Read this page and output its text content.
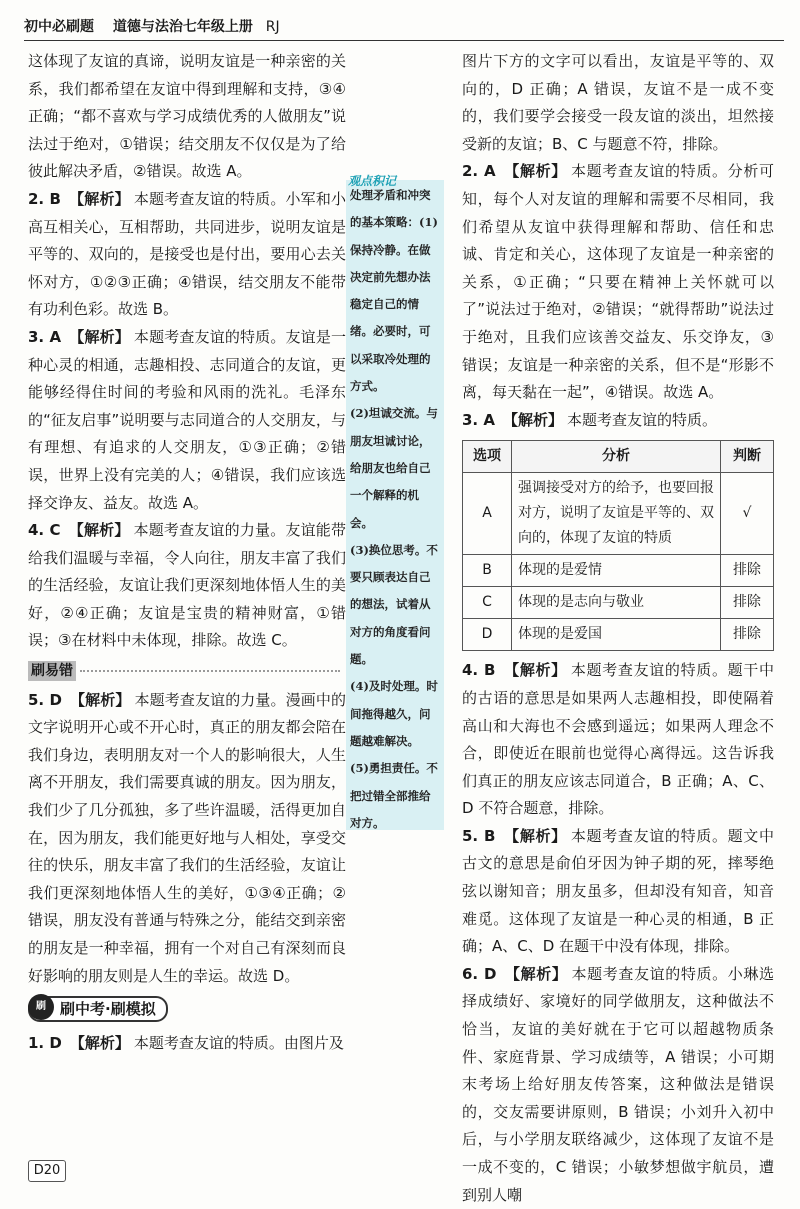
初中必刷题 道德与法治七年级上册 RJ

这体现了友谊的真谛，说明友谊是一种亲密的关系，我们都希望在友谊中得到理解和支持，③④正确；“都不喜欢与学习成绩优秀的人做朋友”说法过于绝对，①错误；结交朋友不仅仅是为了给彼此解决矛盾，②错误。故选 A。

2. B 【解析】 本题考查友谊的特质。小军和小高互相关心，互相帮助，共同进步，说明友谊是平等的、双向的，是接受也是付出，要用心去关怀对方，①②③正确；④错误，结交朋友不能带有功利色彩。故选 B。

3. A 【解析】 本题考查友谊的特质。友谊是一种心灵的相通，志趣相投、志同道合的友谊，更能够经得住时间的考验和风雨的洗礼。毛泽东的“征友启事”说明要与志同道合的人交朋友，与有理想、有追求的人交朋友，①③正确；②错误，世界上没有完美的人；④错误，我们应该选择交诤友、益友。故选 A。

4. C 【解析】 本题考查友谊的力量。友谊能带给我们温暖与幸福，令人向往，朋友丰富了我们的生活经验，友谊让我们更深刻地体悟人生的美好，②④正确；友谊是宝贵的精神财富，①错误；③在材料中未体现，排除。故选 C。

刷易错

5. D 【解析】 本题考查友谊的力量。漫画中的文字说明开心或不开心时，真正的朋友都会陪在我们身边，表明朋友对一个人的影响很大，人生离不开朋友，我们需要真诚的朋友。因为朋友，我们少了几分孤独，多了些许温暖，活得更加自在，因为朋友，我们能更好地与人相处，享受交往的快乐，朋友丰富了我们的生活经验，友谊让我们更深刻地体悟人生的美好，①③④正确；②错误，朋友没有普通与特殊之分，能结交到亲密的朋友是一种幸福，拥有一个对自己有深刻而良好影响的朋友则是人生的幸运。故选 D。

刷 刷中考·刷模拟

1. D 【解析】 本题考查友谊的特质。由图片及

观点积记

处理矛盾和冲突的基本策略：(1)保持冷静。在做决定前先想办法稳定自己的情绪。必要时，可以采取冷处理的方式。

(2)坦诚交流。与朋友坦诚讨论，给朋友也给自己一个解释的机会。

(3)换位思考。不要只顾表达自己的想法，试着从对方的角度看问题。

(4)及时处理。时间拖得越久，问题越难解决。

(5)勇担责任。不把过错全部推给对方。

图片下方的文字可以看出，友谊是平等的、双向的，D 正确；A 错误，友谊不是一成不变的，我们要学会接受一段友谊的淡出，坦然接受新的友谊；B、C 与题意不符，排除。

2. A 【解析】 本题考查友谊的特质。分析可知，每个人对友谊的理解和需要不尽相同，我们希望从友谊中获得理解和帮助、信任和忠诚、肯定和关心，这体现了友谊是一种亲密的关系，①正确；“只要在精神上关怀就可以了”说法过于绝对，②错误；“就得帮助”说法过于绝对，且我们应该善交益友、乐交诤友，③错误；友谊是一种亲密的关系，但不是“形影不离，每天黏在一起”，④错误。故选 A。

3. A 【解析】 本题考查友谊的特质。

选项	分析	判断
A	强调接受对方的给予，也要回报对方，说明了友谊是平等的、双向的，体现了友谊的特质	√
B	体现的是爱情	排除
C	体现的是志向与敬业	排除
D	体现的是爱国	排除

4. B 【解析】 本题考查友谊的特质。题干中的古语的意思是如果两人志趣相投，即使隔着高山和大海也不会感到遥远；如果两人理念不合，即使近在眼前也觉得心离得远。这告诉我们真正的朋友应该志同道合，B 正确；A、C、D 不符合题意，排除。

5. B 【解析】 本题考查友谊的特质。题文中古文的意思是俞伯牙因为钟子期的死，摔琴绝弦以谢知音；朋友虽多，但却没有知音，知音难觅。这体现了友谊是一种心灵的相通，B 正确；A、C、D 在题干中没有体现，排除。

6. D 【解析】 本题考查友谊的特质。小琳选择成绩好、家境好的同学做朋友，这种做法不恰当，友谊的美好就在于它可以超越物质条件、家庭背景、学习成绩等，A 错误；小可期末考场上给好朋友传答案，这种做法是错误的，交友需要讲原则，B 错误；小刘升入初中后，与小学朋友联络减少，这体现了友谊不是一成不变的，C 错误；小敏梦想做宇航员，遭到别人嘲

D20
